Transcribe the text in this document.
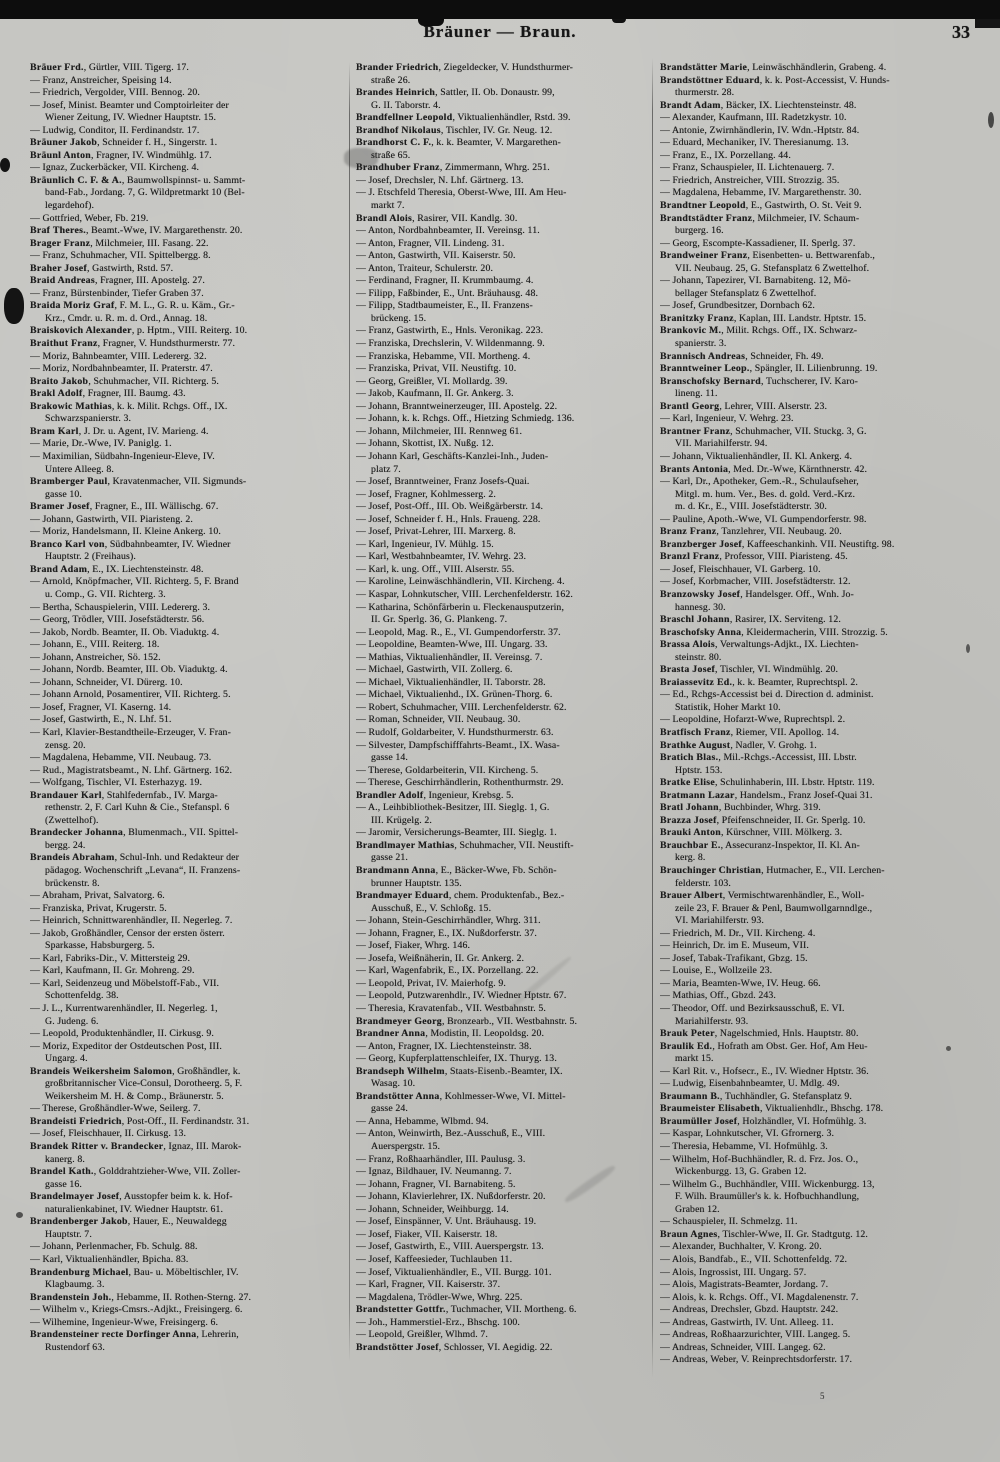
Bräuner — Braun.	33
Bräuer Frd., Gürtler, VIII. Tigerg. 17.
— Franz, Anstreicher, Speising 14.
— Friedrich, Vergolder, VIII. Bennog. 20.
— Josef, Minist. Beamter und Comptoirleiter der
Wiener Zeitung, IV. Wiedner Hauptstr. 15.
— Ludwig, Conditor, II. Ferdinandstr. 17.
Bräuner Jakob, Schneider f. H., Singerstr. 1.
Bräunl Anton, Fragner, IV. Windmühlg. 17.
— Ignaz, Zuckerbäcker, VII. Kircheng. 4.
Bräunlich C. F. & A., Baumwollspinnst- u. Sammt-
band-Fab., Jordang. 7, G. Wildpretmarkt 10 (Bel-
legardehof).
— Gottfried, Weber, Fb. 219.
Braf Theres., Beamt.-Wwe, IV. Margarethenstr. 20.
Brager Franz, Milchmeier, III. Fasang. 22.
— Franz, Schuhmacher, VII. Spittelbergg. 8.
Braher Josef, Gastwirth, Rstd. 57.
Braid Andreas, Fragner, III. Apostelg. 27.
— Franz, Bürstenbinder, Tiefer Graben 37.
Braida Moriz Graf, F. M. L., G. R. u. Käm., Gr.-
Krz., Cmdr. u. R. m. d. Ord., Annag. 18.
Braiskovich Alexander, p. Hptm., VIII. Reiterg. 10.
Braithut Franz, Fragner, V. Hundsthurmerstr. 77.
— Moriz, Bahnbeamter, VIII. Ledererg. 32.
— Moriz, Nordbahnbeamter, II. Praterstr. 47.
Braito Jakob, Schuhmacher, VII. Richterg. 5.
Brakl Adolf, Fragner, III. Baumg. 43.
Brakowic Mathias, k. k. Milit. Rchgs. Off., IX.
Schwarzspanierstr. 3.
Bram Karl, J. Dr. u. Agent, IV. Marieng. 4.
— Marie, Dr.-Wwe, IV. Paniglg. 1.
— Maximilian, Südbahn-Ingenieur-Eleve, IV.
Untere Alleeg. 8.
Bramberger Paul, Kravatenmacher, VII. Sigmunds-
gasse 10.
Bramer Josef, Fragner, E., III. Wällischg. 67.
— Johann, Gastwirth, VII. Piaristeng. 2.
— Moriz, Handelsmann, II. Kleine Ankerg. 10.
Branco Karl von, Südbahnbeamter, IV. Wiedner
Hauptstr. 2 (Freihaus).
Brand Adam, E., IX. Liechtensteinstr. 48.
— Arnold, Knöpfmacher, VII. Richterg. 5, F. Brand
u. Comp., G. VII. Richterg. 3.
— Bertha, Schauspielerin, VIII. Ledererg. 3.
— Georg, Trödler, VIII. Josefstädterstr. 56.
— Jakob, Nordb. Beamter, II. Ob. Viaduktg. 4.
— Johann, E., VIII. Reiterg. 18.
— Johann, Anstreicher, Sö. 152.
— Johann, Nordb. Beamter, III. Ob. Viaduktg. 4.
— Johann, Schneider, VI. Dürerg. 10.
— Johann Arnold, Posamentirer, VII. Richterg. 5.
— Josef, Fragner, VI. Kaserng. 14.
— Josef, Gastwirth, E., N. Lhf. 51.
— Karl, Klavier-Bestandtheile-Erzeuger, V. Fran-
zensg. 20.
— Magdalena, Hebamme, VII. Neubaug. 73.
— Rud., Magistratsbeamt., N. Lhf. Gärtnerg. 162.
— Wolfgang, Tischler, VI. Esterhazyg. 19.
Brandauer Karl, Stahlfedernfab., IV. Marga-
rethenstr. 2, F. Carl Kuhn & Cie., Stefanspl. 6
(Zwettelhof).
Brandecker Johanna, Blumenmach., VII. Spittel-
bergg. 24.
Brandeis Abraham, Schul-Inh. und Redakteur der
pädagog. Wochenschrift „Levana“, II. Franzens-
brückenstr. 8.
— Abraham, Privat, Salvatorg. 6.
— Franziska, Privat, Krugerstr. 5.
— Heinrich, Schnittwarenhändler, II. Negerleg. 7.
— Jakob, Großhändler, Censor der ersten österr.
Sparkasse, Habsburgerg. 5.
— Karl, Fabriks-Dir., V. Mittersteig 29.
— Karl, Kaufmann, II. Gr. Mohreng. 29.
— Karl, Seidenzeug und Möbelstoff-Fab., VII.
Schottenfeldg. 38.
— J. L., Kurrentwarenhändler, II. Negerleg. 1,
G. Judeng. 6.
— Leopold, Produktenhändler, II. Cirkusg. 9.
— Moriz, Expeditor der Ostdeutschen Post, III.
Ungarg. 4.
Brandeis Weikersheim Salomon, Großhändler, k.
großbritannischer Vice-Consul, Dorotheerg. 5, F.
Weikersheim M. H. & Comp., Bräunerstr. 5.
— Therese, Großhändler-Wwe, Seilerg. 7.
Brandeisti Friedrich, Post-Off., II. Ferdinandstr. 31.
— Josef, Fleischhauer, II. Cirkusg. 13.
Brandek Ritter v. Brandecker, Ignaz, III. Marok-
kanerg. 8.
Brandel Kath., Golddrahtzieher-Wwe, VII. Zoller-
gasse 16.
Brandelmayer Josef, Ausstopfer beim k. k. Hof-
naturalienkabinet, IV. Wiedner Hauptstr. 61.
Brandenberger Jakob, Hauer, E., Neuwaldegg
Hauptstr. 7.
— Johann, Perlenmacher, Fb. Schulg. 88.
— Karl, Viktualienhändler, Bpicha. 83.
Brandenburg Michael, Bau- u. Möbeltischler, IV.
Klagbaumg. 3.
Brandenstein Joh., Hebamme, II. Rothen-Sterng. 27.
— Wilhelm v., Kriegs-Cmsrs.-Adjkt., Freisingerg. 6.
— Wilhemine, Ingenieur-Wwe, Freisingerg. 6.
Brandensteiner recte Dorfinger Anna, Lehrerin,
Rustendorf 63.
Brander Friedrich, Ziegeldecker, V. Hundsthurmer-
straße 26.
Brandes Heinrich, Sattler, II. Ob. Donaustr. 99,
G. II. Taborstr. 4.
Brandfellner Leopold, Viktualienhändler, Rstd. 39.
Brandhof Nikolaus, Tischler, IV. Gr. Neug. 12.
Brandhorst C. F., k. k. Beamter, V. Margarethen-
straße 65.
Brandhuber Franz, Zimmermann, Whrg. 251.
— Josef, Drechsler, N. Lhf. Gärtnerg. 13.
— J. Etschfeld Theresia, Oberst-Wwe, III. Am Heu-
markt 7.
Brandl Alois, Rasirer, VII. Kandlg. 30.
— Anton, Nordbahnbeamter, II. Vereinsg. 11.
— Anton, Fragner, VII. Lindeng. 31.
— Anton, Gastwirth, VII. Kaiserstr. 50.
— Anton, Traiteur, Schulerstr. 20.
— Ferdinand, Fragner, II. Krummbaumg. 4.
— Filipp, Faßbinder, E., Unt. Bräuhausg. 48.
— Filipp, Stadtbaumeister, E., II. Franzens-
brückeng. 15.
— Franz, Gastwirth, E., Hnls. Veronikag. 223.
— Franziska, Drechslerin, V. Wildenmanng. 9.
— Franziska, Hebamme, VII. Mortheng. 4.
— Franziska, Privat, VII. Neustiftg. 10.
— Georg, Greißler, VI. Mollardg. 39.
— Jakob, Kaufmann, II. Gr. Ankerg. 3.
— Johann, Branntweinerzeuger, III. Apostelg. 22.
— Johann, k. k. Rchgs. Off., Hietzing Schmiedg. 136.
— Johann, Milchmeier, III. Rennweg 61.
— Johann, Skottist, IX. Nußg. 12.
— Johann Karl, Geschäfts-Kanzlei-Inh., Juden-
platz 7.
— Josef, Branntweiner, Franz Josefs-Quai.
— Josef, Fragner, Kohlmesserg. 2.
— Josef, Post-Off., III. Ob. Weißgärberstr. 14.
— Josef, Schneider f. H., Hnls. Fraueng. 228.
— Josef, Privat-Lehrer, III. Marxerg. 8.
— Karl, Ingenieur, IV. Mühlg. 15.
— Karl, Westbahnbeamter, IV. Wehrg. 23.
— Karl, k. ung. Off., VIII. Alserstr. 55.
— Karoline, Leinwäschhändlerin, VII. Kircheng. 4.
— Kaspar, Lohnkutscher, VIII. Lerchenfelderstr. 162.
— Katharina, Schönfärberin u. Fleckenausputzerin,
II. Gr. Sperlg. 36, G. Plankeng. 7.
— Leopold, Mag. R., E., VI. Gumpendorferstr. 37.
— Leopoldine, Beamten-Wwe, III. Ungarg. 33.
— Mathias, Viktualienhändler, II. Vereinsg. 7.
— Michael, Gastwirth, VII. Zollerg. 6.
— Michael, Viktualienhändler, II. Taborstr. 28.
— Michael, Viktualienhd., IX. Grünen-Thorg. 6.
— Robert, Schuhmacher, VIII. Lerchenfelderstr. 62.
— Roman, Schneider, VII. Neubaug. 30.
— Rudolf, Goldarbeiter, V. Hundsthurmerstr. 63.
— Silvester, Dampfschifffahrts-Beamt., IX. Wasa-
gasse 14.
— Therese, Goldarbeiterin, VII. Kircheng. 5.
— Therese, Geschirrhändlerin, Rothenthurmstr. 29.
Brandler Adolf, Ingenieur, Krebsg. 5.
— A., Leihbibliothek-Besitzer, III. Sieglg. 1, G.
III. Krügelg. 2.
— Jaromir, Versicherungs-Beamter, III. Sieglg. 1.
Brandlmayer Mathias, Schuhmacher, VII. Neustift-
gasse 21.
Brandmann Anna, E., Bäcker-Wwe, Fb. Schön-
brunner Hauptstr. 135.
Brandmayer Eduard, chem. Produktenfab., Bez.-
Ausschuß, E., V. Schloßg. 15.
— Johann, Stein-Geschirrhändler, Whrg. 311.
— Johann, Fragner, E., IX. Nußdorferstr. 37.
— Josef, Fiaker, Whrg. 146.
— Josefa, Weißnäherin, II. Gr. Ankerg. 2.
— Karl, Wagenfabrik, E., IX. Porzellang. 22.
— Leopold, Privat, IV. Maierhofg. 9.
— Leopold, Putzwarenhdlr., IV. Wiedner Hptstr. 67.
— Theresia, Kravatenfab., VII. Westbahnstr. 5.
Brandmeyer Georg, Bronzearb., VII. Westbahnstr. 5.
Brandner Anna, Modistin, II. Leopoldsg. 20.
— Anton, Fragner, IX. Liechtensteinstr. 38.
— Georg, Kupferplattenschleifer, IX. Thuryg. 13.
Brandseph Wilhelm, Staats-Eisenb.-Beamter, IX.
Wasag. 10.
Brandstötter Anna, Kohlmesser-Wwe, VI. Mittel-
gasse 24.
— Anna, Hebamme, Wlbmd. 94.
— Anton, Weinwirth, Bez.-Ausschuß, E., VIII.
Auerspergstr. 15.
— Franz, Roßhaarhändler, III. Paulusg. 3.
— Ignaz, Bildhauer, IV. Neumanng. 7.
— Johann, Fragner, VI. Barnabiteng. 5.
— Johann, Klavierlehrer, IX. Nußdorferstr. 20.
— Johann, Schneider, Weihburgg. 14.
— Josef, Einspänner, V. Unt. Bräuhausg. 19.
— Josef, Fiaker, VII. Kaiserstr. 18.
— Josef, Gastwirth, E., VIII. Auerspergstr. 13.
— Josef, Kaffeesieder, Tuchlauben 11.
— Josef, Viktualienhändler, E., VII. Burgg. 101.
— Karl, Fragner, VII. Kaiserstr. 37.
— Magdalena, Trödler-Wwe, Whrg. 225.
Brandstetter Gottfr., Tuchmacher, VII. Mortheng. 6.
— Joh., Hammerstiel-Erz., Bhschg. 100.
— Leopold, Greißler, Wlhmd. 7.
Brandstötter Josef, Schlosser, VI. Aegidig. 22.
Brandstätter Marie, Leinwäschhändlerin, Grabeng. 4.
Brandstöttner Eduard, k. k. Post-Accessist, V. Hunds-
thurmerstr. 28.
Brandt Adam, Bäcker, IX. Liechtensteinstr. 48.
— Alexander, Kaufmann, III. Radetzkystr. 10.
— Antonie, Zwirnhändlerin, IV. Wdn.-Hptstr. 84.
— Eduard, Mechaniker, IV. Theresianumg. 13.
— Franz, E., IX. Porzellang. 44.
— Franz, Schauspieler, II. Lichtenauerg. 7.
— Friedrich, Anstreicher, VIII. Strozzig. 35.
— Magdalena, Hebamme, IV. Margarethenstr. 30.
Brandtner Leopold, E., Gastwirth, O. St. Veit 9.
Brandtstädter Franz, Milchmeier, IV. Schaum-
burgerg. 16.
— Georg, Escompte-Kassadiener, II. Sperlg. 37.
Brandweiner Franz, Eisenbetten- u. Bettwarenfab.,
VII. Neubaug. 25, G. Stefansplatz 6 Zwettelhof.
— Johann, Tapezirer, VI. Barnabiteng. 12, Mö-
bellager Stefansplatz 6 Zwettelhof.
— Josef, Grundbesitzer, Dornbach 62.
Branitzky Franz, Kaplan, III. Landstr. Hptstr. 15.
Brankovic M., Milit. Rchgs. Off., IX. Schwarz-
spanierstr. 3.
Brannisch Andreas, Schneider, Fh. 49.
Branntweiner Leop., Spängler, II. Lilienbrunng. 19.
Branschofsky Bernard, Tuchscherer, IV. Karo-
lineng. 11.
Brantl Georg, Lehrer, VIII. Alserstr. 23.
— Karl, Ingenieur, V. Wehrg. 23.
Brantner Franz, Schuhmacher, VII. Stuckg. 3, G.
VII. Mariahilferstr. 94.
— Johann, Viktualienhändler, II. Kl. Ankerg. 4.
Brants Antonia, Med. Dr.-Wwe, Kärnthnerstr. 42.
— Karl, Dr., Apotheker, Gem.-R., Schulaufseher,
Mitgl. m. hum. Ver., Bes. d. gold. Verd.-Krz.
m. d. Kr., E., VIII. Josefstädterstr. 30.
— Pauline, Apoth.-Wwe, VI. Gumpendorferstr. 98.
Branz Franz, Tanzlehrer, VII. Neubaug. 20.
Branzberger Josef, Kaffeeschankinh. VII. Neustiftg. 98.
Branzl Franz, Professor, VIII. Piaristeng. 45.
— Josef, Fleischhauer, VI. Garberg. 10.
— Josef, Korbmacher, VIII. Josefstädterstr. 12.
Branzowsky Josef, Handelsger. Off., Wnh. Jo-
hannesg. 30.
Braschl Johann, Rasirer, IX. Serviteng. 12.
Braschofsky Anna, Kleidermacherin, VIII. Strozzig. 5.
Brassa Alois, Verwaltungs-Adjkt., IX. Liechten-
steinstr. 80.
Brasta Josef, Tischler, VI. Windmühlg. 20.
Braiassevitz Ed., k. k. Beamter, Ruprechtspl. 2.
— Ed., Rchgs-Accessist bei d. Direction d. administ.
Statistik, Hoher Markt 10.
— Leopoldine, Hofarzt-Wwe, Ruprechtspl. 2.
Bratfisch Franz, Riemer, VII. Apollog. 14.
Brathke August, Nadler, V. Grohg. 1.
Bratich Blas., Mil.-Rchgs.-Accessist, III. Lbstr.
Hptstr. 153.
Bratke Elise, Schulinhaberin, III. Lbstr. Hptstr. 119.
Bratmann Lazar, Handelsm., Franz Josef-Quai 31.
Bratl Johann, Buchbinder, Whrg. 319.
Brazza Josef, Pfeifenschneider, II. Gr. Sperlg. 10.
Brauki Anton, Kürschner, VIII. Mölkerg. 3.
Brauchbar E., Assecuranz-Inspektor, II. Kl. An-
kerg. 8.
Brauchinger Christian, Hutmacher, E., VII. Lerchen-
felderstr. 103.
Brauer Albert, Vermischtwarenhändler, E., Woll-
zeile 23, F. Brauer & Penl, Baumwollgarnndlge.,
VI. Mariahilferstr. 93.
— Friedrich, M. Dr., VII. Kircheng. 4.
— Heinrich, Dr. im E. Museum, VII.
— Josef, Tabak-Trafikant, Gbzg. 15.
— Louise, E., Wollzeile 23.
— Maria, Beamten-Wwe, IV. Heug. 66.
— Mathias, Off., Gbzd. 243.
— Theodor, Off. und Bezirksausschuß, E. VI.
Mariahilferstr. 93.
Brauk Peter, Nagelschmied, Hnls. Hauptstr. 80.
Braulik Ed., Hofrath am Obst. Ger. Hof, Am Heu-
markt 15.
— Karl Rit. v., Hofsecr., E., IV. Wiedner Hptstr. 36.
— Ludwig, Eisenbahnbeamter, U. Mdlg. 49.
Braumann B., Tuchhändler, G. Stefansplatz 9.
Braumeister Elisabeth, Viktualienhdlr., Bhschg. 178.
Braumüller Josef, Holzhändler, VI. Hofmühlg. 3.
— Kaspar, Lohnkutscher, VI. Gfrornerg. 3.
— Theresia, Hebamme, VI. Hofmühlg. 3.
— Wilhelm, Hof-Buchhändler, R. d. Frz. Jos. O.,
Wickenburgg. 13, G. Graben 12.
— Wilhelm G., Buchhändler, VIII. Wickenburgg. 13,
F. Wilh. Braumüller's k. k. Hofbuchhandlung,
Graben 12.
— Schauspieler, II. Schmelzg. 11.
Braun Agnes, Tischler-Wwe, II. Gr. Stadtgutg. 12.
— Alexander, Buchhalter, V. Krong. 20.
— Alois, Bandfab., E., VII. Schottenfeldg. 72.
— Alois, Ingrossist, III. Ungarg. 57.
— Alois, Magistrats-Beamter, Jordang. 7.
— Alois, k. k. Rchgs. Off., VI. Magdalenenstr. 7.
— Andreas, Drechsler, Gbzd. Hauptstr. 242.
— Andreas, Gastwirth, IV. Unt. Alleeg. 11.
— Andreas, Roßhaarzurichter, VIII. Langeg. 5.
— Andreas, Schneider, VIII. Langeg. 62.
— Andreas, Weber, V. Reinprechtsdorferstr. 17.
5
